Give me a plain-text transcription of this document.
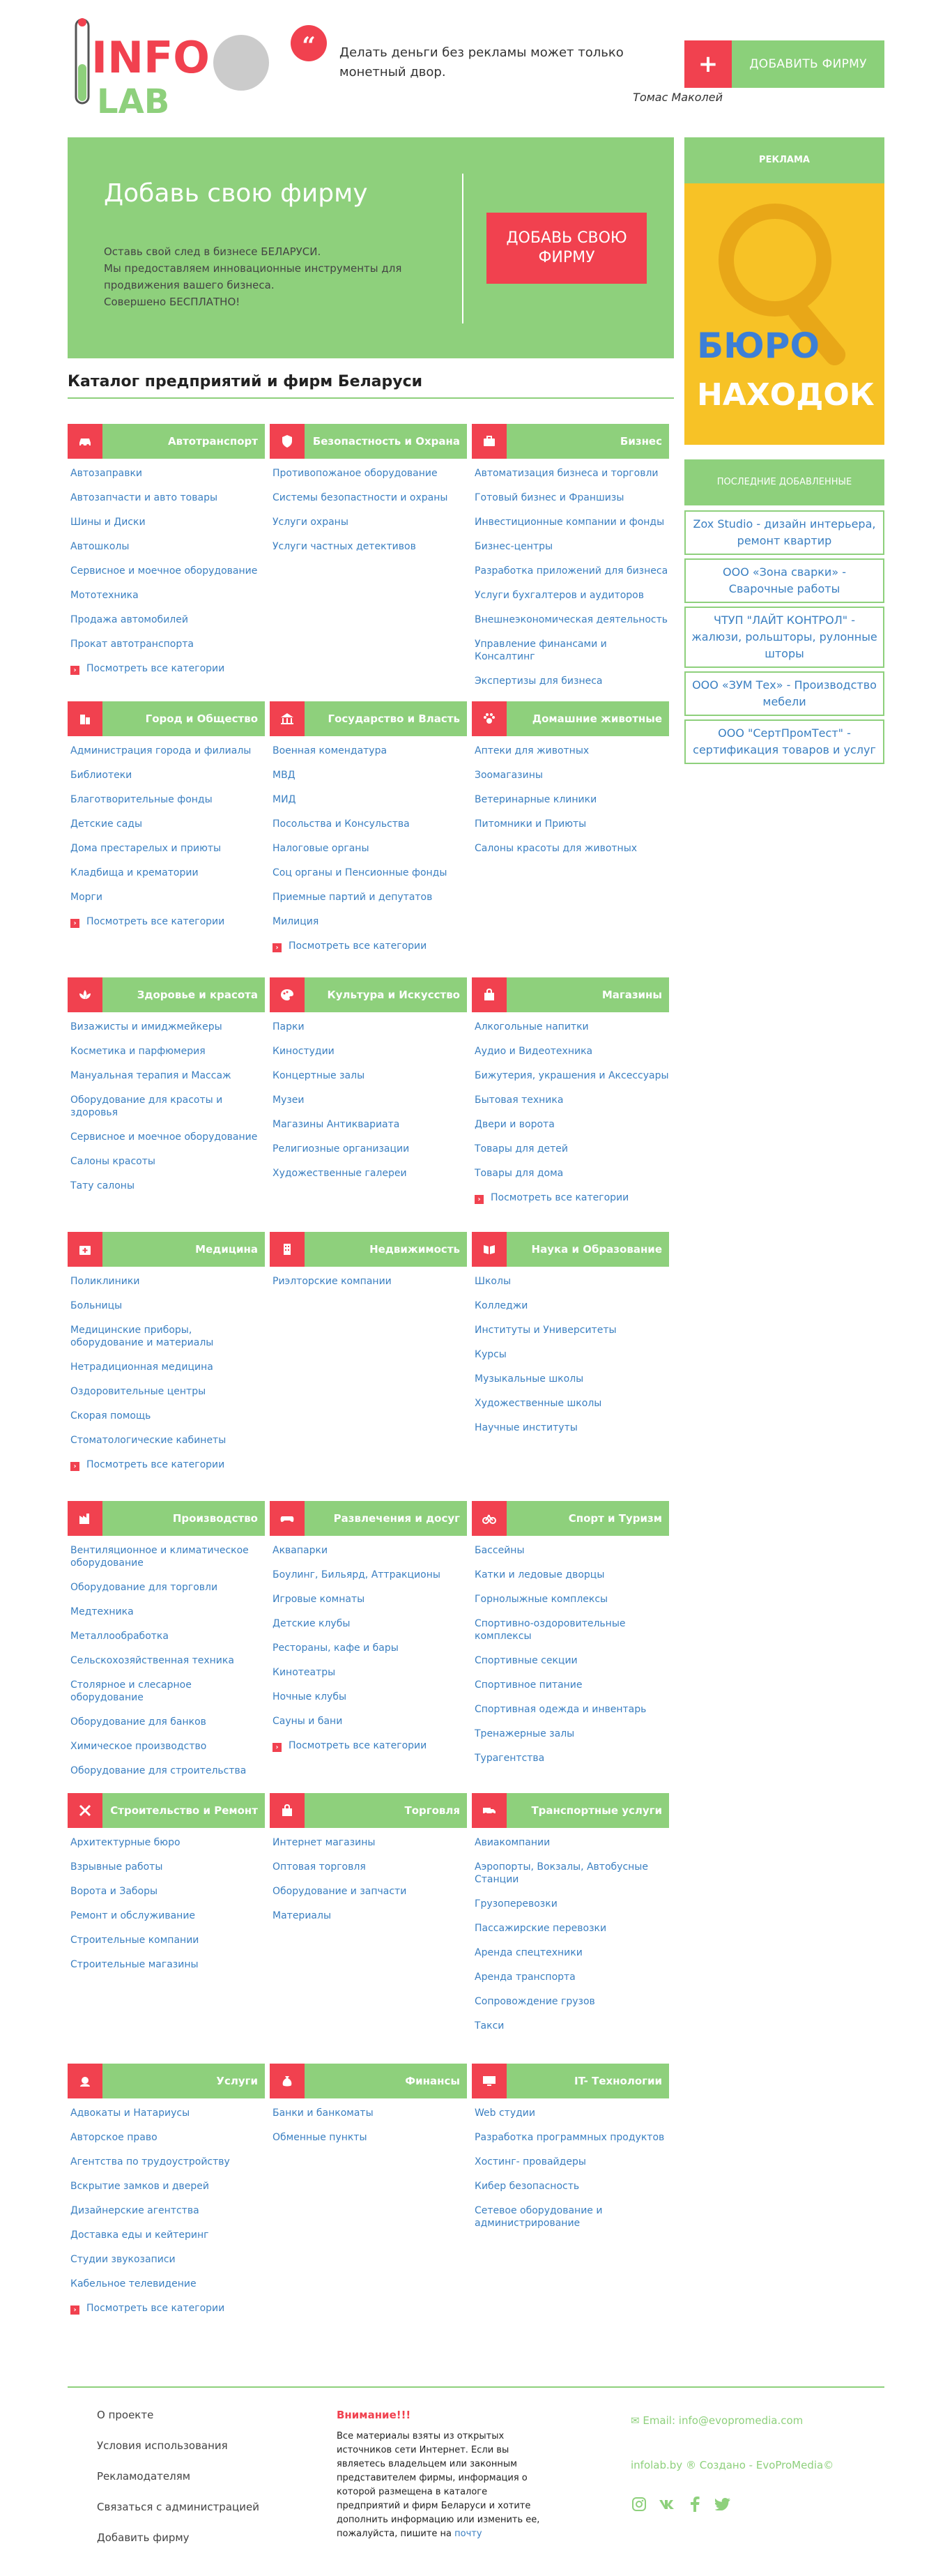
INFO
LAB
“	Делать деньги без рекламы может только монетный двор.
Томас Маколей
+	ДОБАВИТЬ ФИРМУ
Добавь свою фирму
Оставь свой след в бизнесе БЕЛАРУСИ.
Мы предоставляем инновационные инструменты для
продвижения вашего бизнеса.
Совершено БЕСПЛАТНО!
ДОБАВЬ СВОЮ ФИРМУ
РЕКЛАМА
БЮРО
НАХОДОК
ПОСЛЕДНИЕ ДОБАВЛЕННЫЕ
Zox Studio - дизайн интерьера, ремонт квартир
ООО «Зона сварки» - Сварочные работы
ЧТУП "ЛАЙТ КОНТРОЛ" - жалюзи, рольшторы, рулонные шторы
ООО «ЗУМ Тех» - Производство мебели
ООО "СертПромТест" - сертификация товаров и услуг
Каталог предприятий и фирм Беларуси
Автотранспорт
Автозаправки
Автозапчасти и авто товары
Шины и Диски
Автошколы
Сервисное и моечное оборудование
Мототехника
Продажа автомобилей
Прокат автотранспорта
› Посмотреть все категории
Безопастность и Охрана
Противопожаное оборудование
Системы безопастности и охраны
Услуги охраны
Услуги частных детективов
Бизнес
Автоматизация бизнеса и торговли
Готовый бизнес и Франшизы
Инвестиционные компании и фонды
Бизнес-центры
Разработка приложений для бизнеса
Услуги бухгалтеров и аудиторов
Внешнеэкономическая деятельность
Управление финансами и Консалтинг
Экспертизы для бизнеса
Город и Общество
Администрация города и филиалы
Библиотеки
Благотворительные фонды
Детские сады
Дома престарелых и приюты
Кладбища и крематории
Морги
› Посмотреть все категории
Государство и Власть
Военная комендатура
МВД
МИД
Посольства и Консульства
Налоговые органы
Соц органы и Пенсионные фонды
Приемные партий и депутатов
Милиция
› Посмотреть все категории
Домашние животные
Аптеки для животных
Зоомагазины
Ветеринарные клиники
Питомники и Приюты
Салоны красоты для животных
Здоровье и красота
Визажисты и имиджмейкеры
Косметика и парфюмерия
Мануальная терапия и Массаж
Оборудование для красоты и здоровья
Сервисное и моечное оборудование
Салоны красоты
Тату салоны
Культура и Искусство
Парки
Киностудии
Концертные залы
Музеи
Магазины Антиквариата
Религиозные организации
Художественные галереи
Магазины
Алкогольные напитки
Аудио и Видеотехника
Бижутерия, украшения и Аксессуары
Бытовая техника
Двери и ворота
Товары для детей
Товары для дома
› Посмотреть все категории
Медицина
Поликлиники
Больницы
Медицинские приборы, оборудование и материалы
Нетрадиционная медицина
Оздоровительные центры
Скорая помощь
Стоматологические кабинеты
› Посмотреть все категории
Недвижимость
Риэлторские компании
Наука и Образование
Школы
Колледжи
Институты и Университеты
Курсы
Музыкальные школы
Художественные школы
Научные институты
Производство
Вентиляционное и климатическое оборудование
Оборудование для торговли
Медтехника
Металлообработка
Сельскохозяйственная техника
Столярное и слесарное оборудование
Оборудование для банков
Химическое производство
Оборудование для строительства
Развлечения и досуг
Аквапарки
Боулинг, Бильярд, Аттракционы
Игровые комнаты
Детские клубы
Рестораны, кафе и бары
Кинотеатры
Ночные клубы
Сауны и бани
› Посмотреть все категории
Спорт и Туризм
Бассейны
Катки и ледовые дворцы
Горнолыжные комплексы
Спортивно-оздоровительные комплексы
Спортивные секции
Спортивное питание
Спортивная одежда и инвентарь
Тренажерные залы
Турагентства
Строительство и Ремонт
Архитектурные бюро
Взрывные работы
Ворота и Заборы
Ремонт и обслуживание
Строительные компании
Строительные магазины
Торговля
Интернет магазины
Оптовая торговля
Оборудование и запчасти
Материалы
Транспортные услуги
Авиакомпании
Аэропорты, Вокзалы, Автобусные Станции
Грузоперевозки
Пассажирские перевозки
Аренда спецтехники
Аренда транспорта
Сопровождение грузов
Такси
Услуги
Адвокаты и Натариусы
Авторское право
Агентства по трудоустройству
Вскрытие замков и дверей
Дизайнерские агентства
Доставка еды и кейтеринг
Студии звукозаписи
Кабельное телевидение
› Посмотреть все категории
Финансы
Банки и банкоматы
Обменные пункты
IT- Технологии
Web студии
Разработка программных продуктов
Хостинг- провайдеры
Кибер безопасность
Сетевое оборудование и администрирование
О проекте
Условия использования
Рекламодателям
Связаться с администрацией
Добавить фирму
Внимание!!!
Все материалы взяты из открытых источников сети Интернет. Если вы являетесь владельцем или законным представителем фирмы, информация о которой размещена в каталоге предприятий и фирм Беларуси и хотите дополнить информацию или изменить ее, пожалуйста, пишите на почту
✉ Email: info@evopromedia.com
infolab.by ® Создано - EvoProMedia©
